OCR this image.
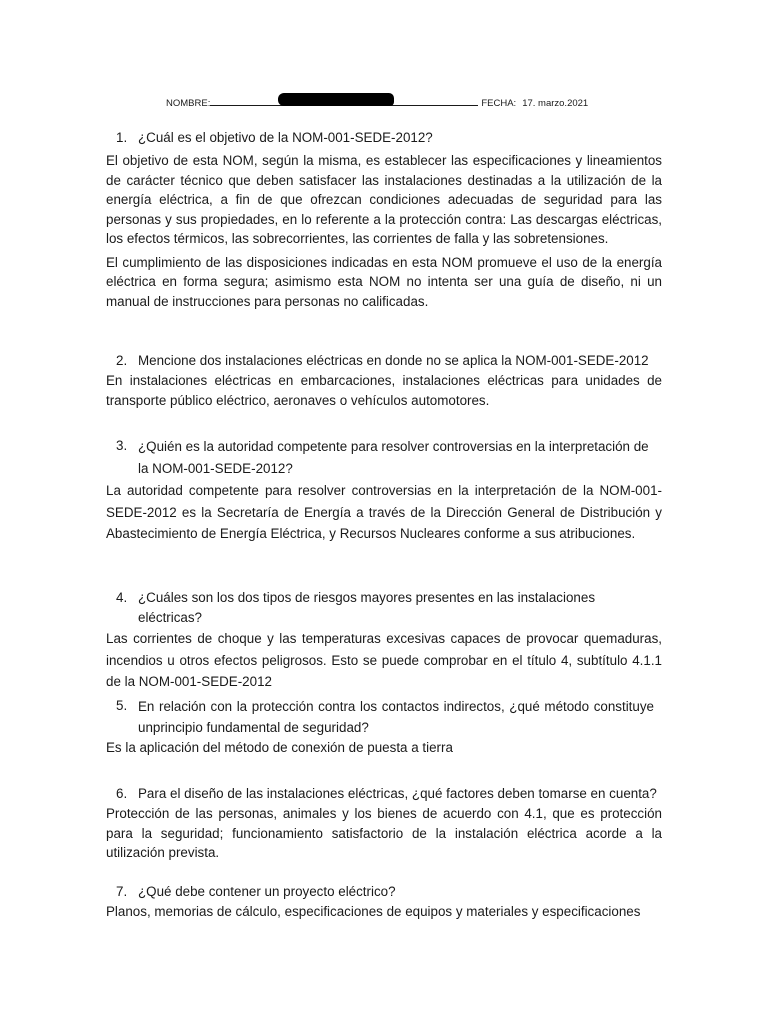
NOMBRE:	FECHA: 17. marzo.2021
1. ¿Cuál es el objetivo de la NOM-001-SEDE-2012?

El objetivo de esta NOM, según la misma, es establecer las especificaciones y lineamientos de carácter técnico que deben satisfacer las instalaciones destinadas a la utilización de la energía eléctrica, a fin de que ofrezcan condiciones adecuadas de seguridad para las personas y sus propiedades, en lo referente a la protección contra: Las descargas eléctricas, los efectos térmicos, las sobrecorrientes, las corrientes de falla y las sobretensiones.

El cumplimiento de las disposiciones indicadas en esta NOM promueve el uso de la energía eléctrica en forma segura; asimismo esta NOM no intenta ser una guía de diseño, ni un manual de instrucciones para personas no calificadas.

2. Mencione dos instalaciones eléctricas en donde no se aplica la NOM-001-SEDE-2012

En instalaciones eléctricas en embarcaciones, instalaciones eléctricas para unidades de transporte público eléctrico, aeronaves o vehículos automotores.

3. ¿Quién es la autoridad competente para resolver controversias en la interpretación de la NOM-001-SEDE-2012?

La autoridad competente para resolver controversias en la interpretación de la NOM-001-SEDE-2012 es la Secretaría de Energía a través de la Dirección General de Distribución y Abastecimiento de Energía Eléctrica, y Recursos Nucleares conforme a sus atribuciones.

4. ¿Cuáles son los dos tipos de riesgos mayores presentes en las instalaciones eléctricas?

Las corrientes de choque y las temperaturas excesivas capaces de provocar quemaduras, incendios u otros efectos peligrosos. Esto se puede comprobar en el título 4, subtítulo 4.1.1 de la NOM-001-SEDE-2012

5. En relación con la protección contra los contactos indirectos, ¿qué método constituye unprincipio fundamental de seguridad?

Es la aplicación del método de conexión de puesta a tierra

6. Para el diseño de las instalaciones eléctricas, ¿qué factores deben tomarse en cuenta?

Protección de las personas, animales y los bienes de acuerdo con 4.1, que es protección para la seguridad; funcionamiento satisfactorio de la instalación eléctrica acorde a la utilización prevista.

7. ¿Qué debe contener un proyecto eléctrico?

Planos, memorias de cálculo, especificaciones de equipos y materiales y especificaciones
